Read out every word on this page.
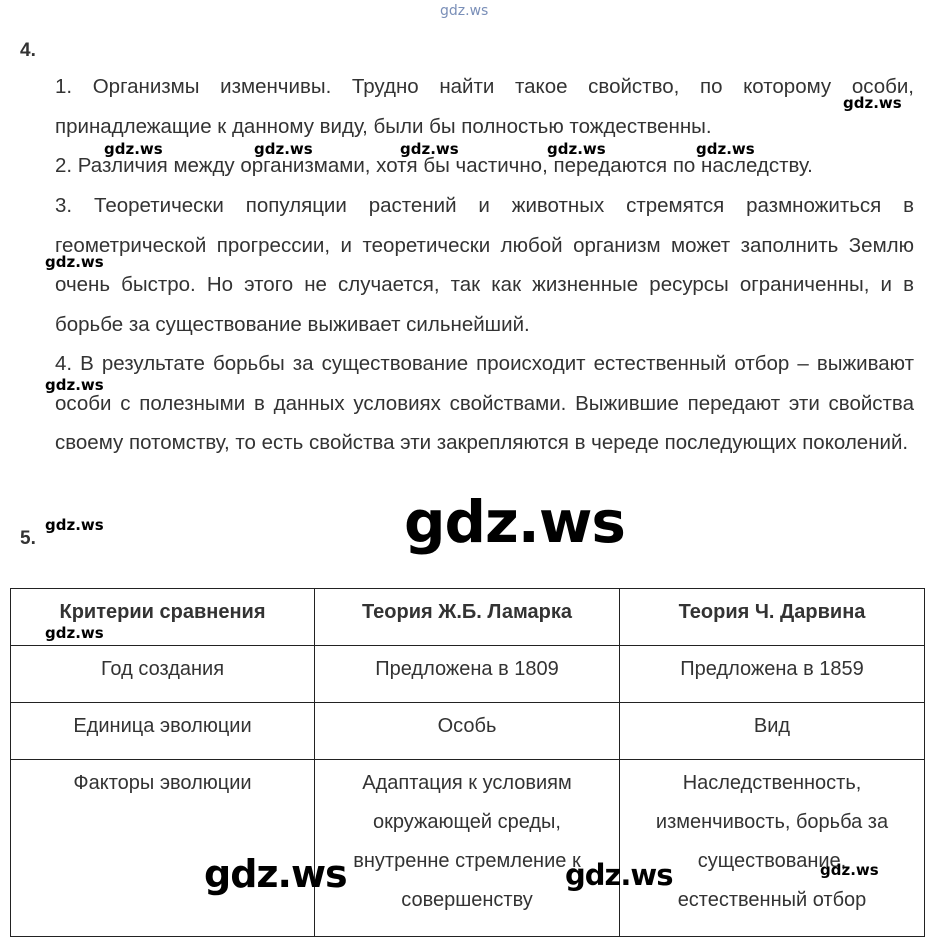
gdz.ws
4.

1. Организмы изменчивы. Трудно найти такое свойство, по которому особи, принадлежащие к данному виду, были бы полностью тождественны.

2. Различия между организмами, хотя бы частично, передаются по наследству.

3. Теоретически популяции растений и животных стремятся размножиться в геометрической прогрессии, и теоретически любой организм может заполнить Землю очень быстро. Но этого не случается, так как жизненные ресурсы ограниченны, и в борьбе за существование выживает сильнейший.

4. В результате борьбы за существование происходит естественный отбор – выживают особи с полезными в данных условиях свойствами. Выжившие передают эти свойства своему потомству, то есть свойства эти закрепляются в череде последующих поколений.

gdz.ws
gdz.ws	gdz.ws	gdz.ws	gdz.ws	gdz.ws
gdz.ws
gdz.ws
gdz.ws
gdz.ws
5.
Критерии сравнения	Теория Ж.Б. Ламарка	Теория Ч. Дарвина
Год создания	Предложена в 1809	Предложена в 1859
Единица эволюции	Особь	Вид
Факторы эволюции	Адаптация к условиям окружающей среды, внутренне стремление к совершенству	Наследственность, изменчивость, борьба за существование, естественный отбор
gdz.ws
gdz.ws	gdz.ws	gdz.ws
